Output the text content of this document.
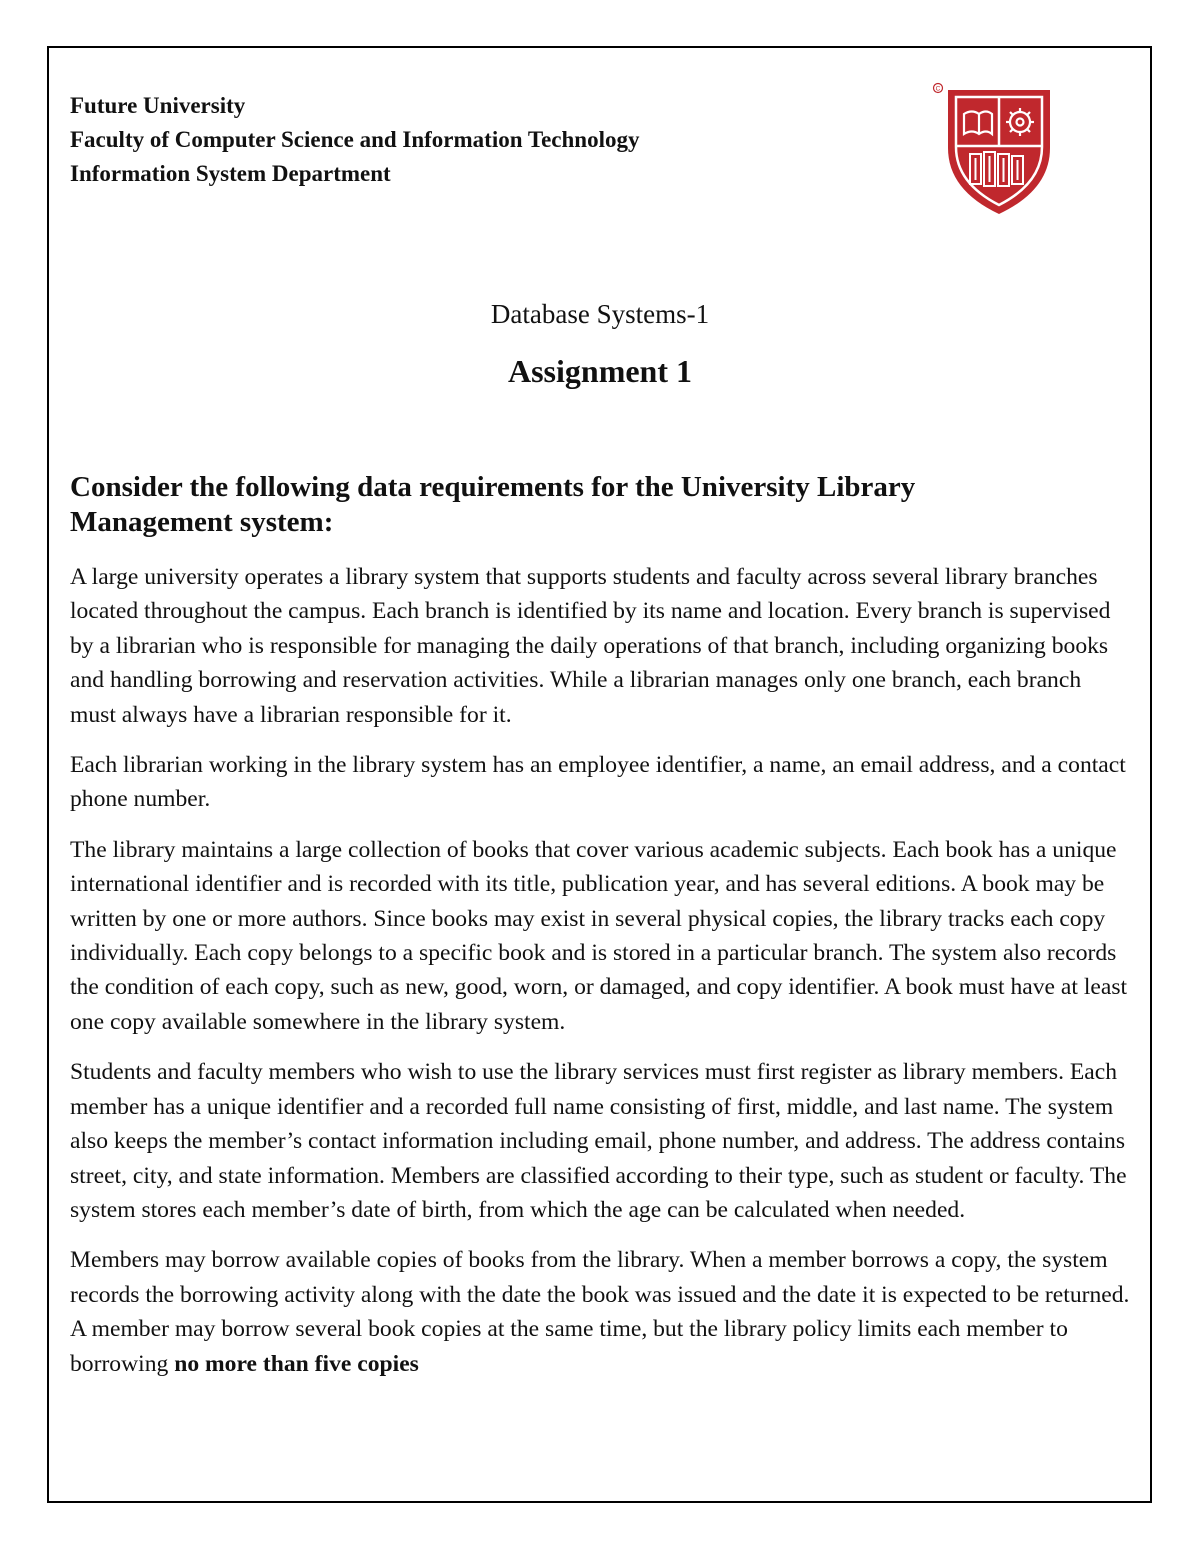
Future University
Faculty of Computer Science and Information Technology
Information System Department
C
Database Systems-1
Assignment 1
Consider the following data requirements for the University Library Management system:

A large university operates a library system that supports students and faculty across several library branches located throughout the campus. Each branch is identified by its name and location. Every branch is supervised by a librarian who is responsible for managing the daily operations of that branch, including organizing books and handling borrowing and reservation activities. While a librarian manages only one branch, each branch must always have a librarian responsible for it.

Each librarian working in the library system has an employee identifier, a name, an email address, and a contact phone number.

The library maintains a large collection of books that cover various academic subjects. Each book has a unique international identifier and is recorded with its title, publication year, and has several editions. A book may be written by one or more authors. Since books may exist in several physical copies, the library tracks each copy individually. Each copy belongs to a specific book and is stored in a particular branch. The system also records the condition of each copy, such as new, good, worn, or damaged, and copy identifier. A book must have at least one copy available somewhere in the library system.

Students and faculty members who wish to use the library services must first register as library members. Each member has a unique identifier and a recorded full name consisting of first, middle, and last name. The system also keeps the member’s contact information including email, phone number, and address. The address contains street, city, and state information. Members are classified according to their type, such as student or faculty. The system stores each member’s date of birth, from which the age can be calculated when needed.

Members may borrow available copies of books from the library. When a member borrows a copy, the system records the borrowing activity along with the date the book was issued and the date it is expected to be returned. A member may borrow several book copies at the same time, but the library policy limits each member to borrowing no more than five copies
